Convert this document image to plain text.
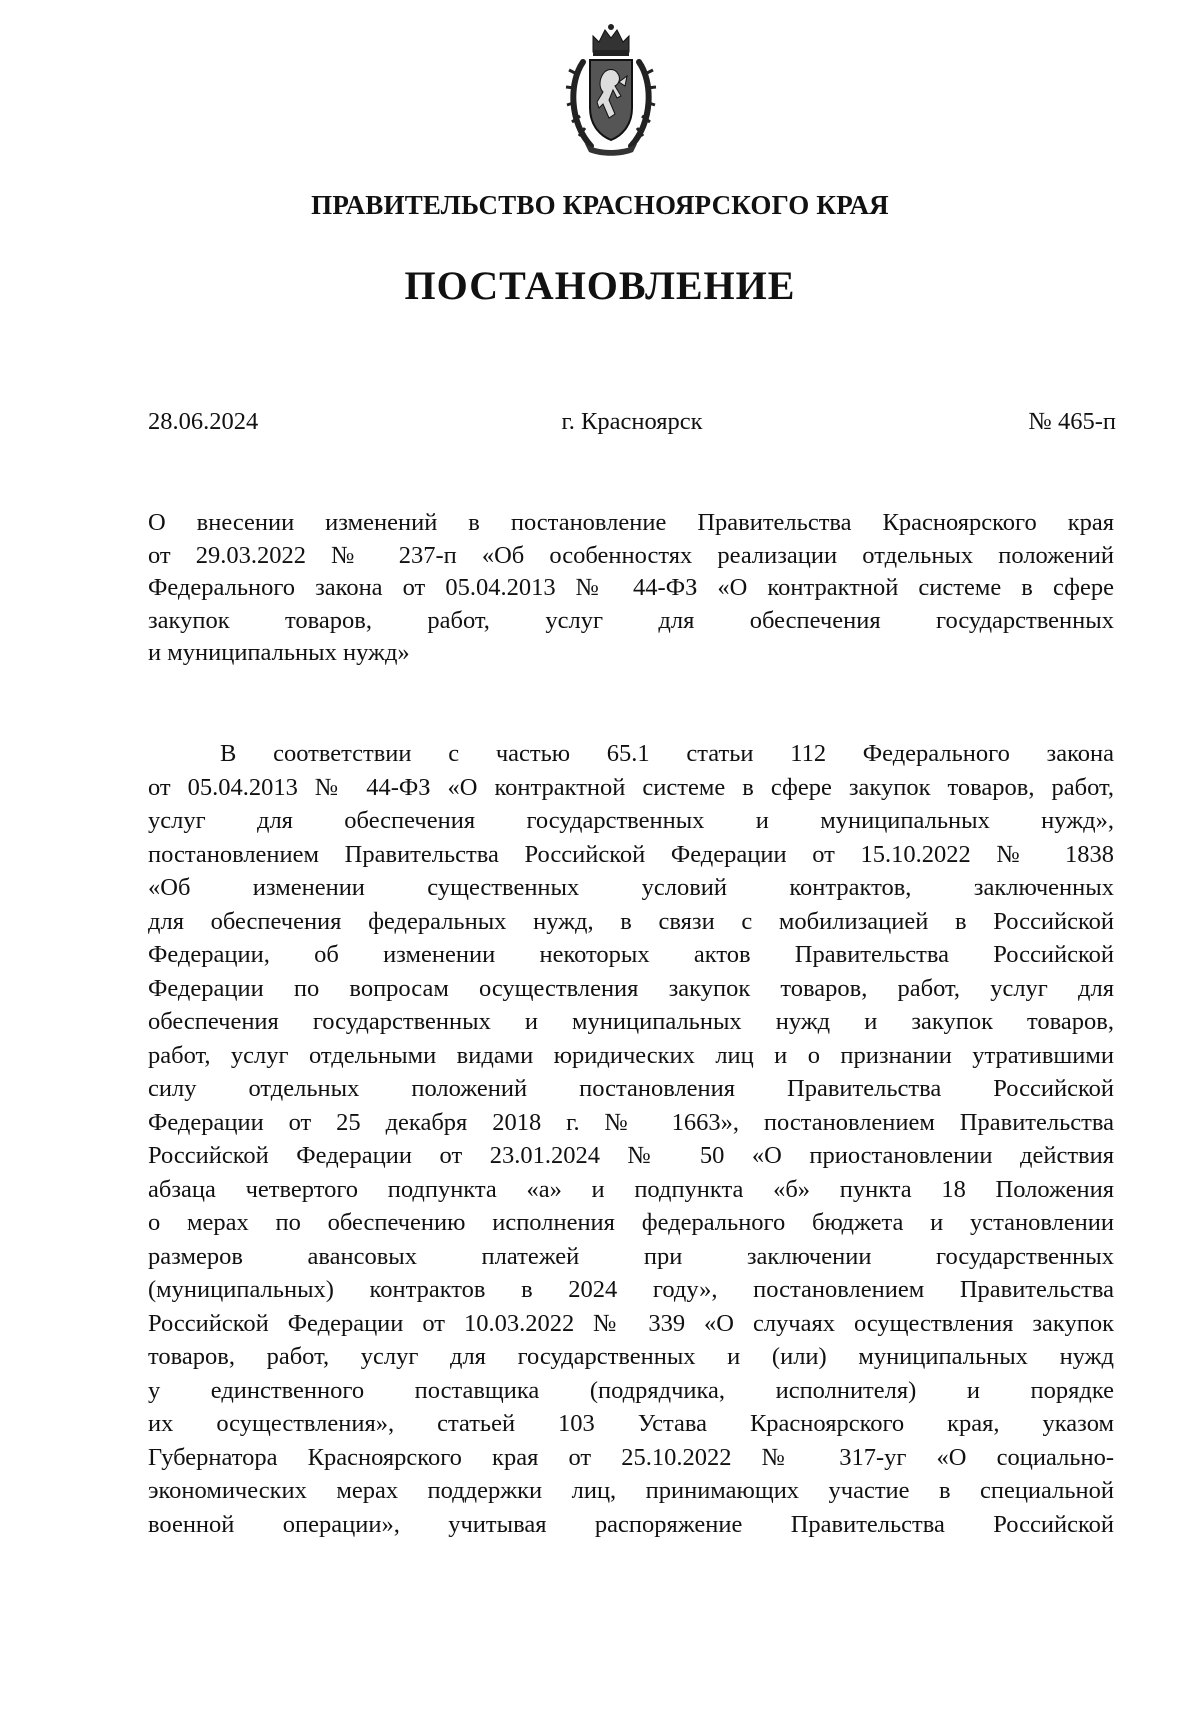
ПРАВИТЕЛЬСТВО КРАСНОЯРСКОГО КРАЯ
ПОСТАНОВЛЕНИЕ
28.06.2024	г. Красноярск	№ 465-п
О внесении изменений в постановление Правительства Красноярского края
от 29.03.2022 № 237-п «Об особенностях реализации отдельных положений
Федерального закона от 05.04.2013 № 44-ФЗ «О контрактной системе в сфере
закупок товаров, работ, услуг для обеспечения государственных
и муниципальных нужд»
В соответствии с частью 65.1 статьи 112 Федерального закона
от 05.04.2013 № 44-ФЗ «О контрактной системе в сфере закупок товаров, работ,
услуг для обеспечения государственных и муниципальных нужд»,
постановлением Правительства Российской Федерации от 15.10.2022 № 1838
«Об изменении существенных условий контрактов, заключенных
для обеспечения федеральных нужд, в связи с мобилизацией в Российской
Федерации, об изменении некоторых актов Правительства Российской
Федерации по вопросам осуществления закупок товаров, работ, услуг для
обеспечения государственных и муниципальных нужд и закупок товаров,
работ, услуг отдельными видами юридических лиц и о признании утратившими
силу отдельных положений постановления Правительства Российской
Федерации от 25 декабря 2018 г. № 1663», постановлением Правительства
Российской Федерации от 23.01.2024 № 50 «О приостановлении действия
абзаца четвертого подпункта «а» и подпункта «б» пункта 18 Положения
о мерах по обеспечению исполнения федерального бюджета и установлении
размеров авансовых платежей при заключении государственных
(муниципальных) контрактов в 2024 году», постановлением Правительства
Российской Федерации от 10.03.2022 № 339 «О случаях осуществления закупок
товаров, работ, услуг для государственных и (или) муниципальных нужд
у единственного поставщика (подрядчика, исполнителя) и порядке
их осуществления», статьей 103 Устава Красноярского края, указом
Губернатора Красноярского края от 25.10.2022 № 317-уг «О социально-
экономических мерах поддержки лиц, принимающих участие в специальной
военной операции», учитывая распоряжение Правительства Российской
